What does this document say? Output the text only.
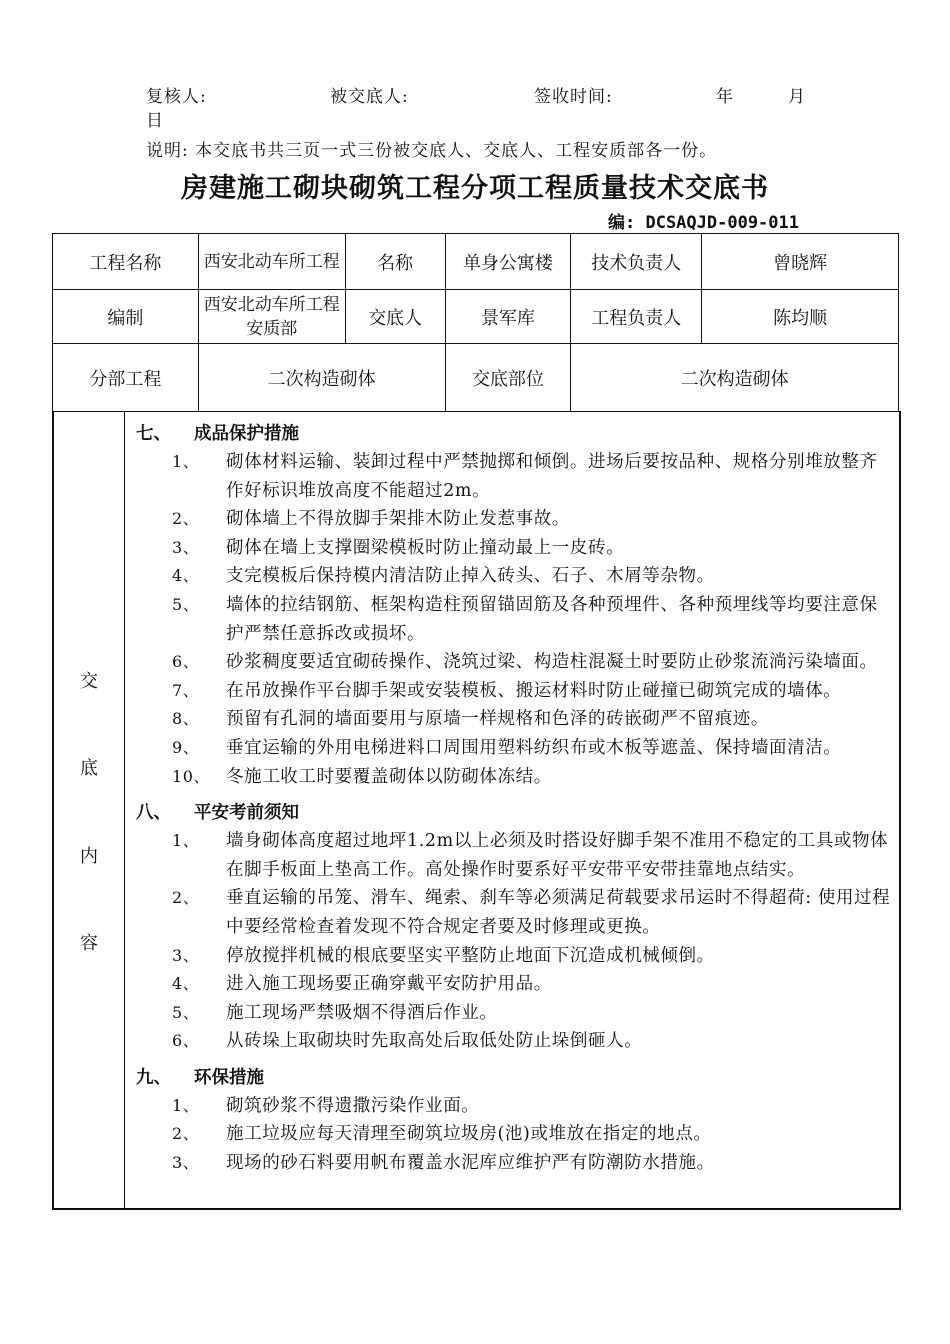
复核人:	被交底人:	签收时间:	年	月
日
说明: 本交底书共三页一式三份被交底人、交底人、工程安质部各一份。
房建施工砌块砌筑工程分项工程质量技术交底书
编: DCSAQJD-009-011
工程名称	西安北动车所工程	名称	单身公寓楼	技术负责人	曾晓辉
编制	西安北动车所工程安质部	交底人	景军库	工程负责人	陈均顺
分部工程	二次构造砌体		交底部位	二次构造砌体	
交
底
内
容
七、 成品保护措施
1、 砌体材料运输、装卸过程中严禁抛掷和倾倒。进场后要按品种、规格分别堆放整齐作好标识堆放高度不能超过2m。
2、 砌体墙上不得放脚手架排木防止发惹事故。
3、 砌体在墙上支撑圈梁模板时防止撞动最上一皮砖。
4、 支完模板后保持模内清洁防止掉入砖头、石子、木屑等杂物。
5、 墙体的拉结钢筋、框架构造柱预留锚固筋及各种预埋件、各种预埋线等均要注意保护严禁任意拆改或损坏。
6、 砂浆稠度要适宜砌砖操作、浇筑过梁、构造柱混凝土时要防止砂浆流淌污染墙面。
7、 在吊放操作平台脚手架或安装模板、搬运材料时防止碰撞已砌筑完成的墙体。
8、 预留有孔洞的墙面要用与原墙一样规格和色泽的砖嵌砌严不留痕迹。
9、 垂宜运输的外用电梯进料口周围用塑料纺织布或木板等遮盖、保持墙面清洁。
10、 冬施工收工时要覆盖砌体以防砌体冻结。
八、 平安考前须知
1、 墙身砌体高度超过地坪1.2m以上必须及时搭设好脚手架不准用不稳定的工具或物体在脚手板面上垫高工作。高处操作时要系好平安带平安带挂靠地点结实。
2、 垂直运输的吊笼、滑车、绳索、刹车等必须满足荷载要求吊运时不得超荷: 使用过程中要经常检查着发现不符合规定者要及时修理或更换。
3、 停放搅拌机械的根底要坚实平整防止地面下沉造成机械倾倒。
4、 进入施工现场要正确穿戴平安防护用品。
5、 施工现场严禁吸烟不得酒后作业。
6、 从砖垛上取砌块时先取高处后取低处防止垛倒砸人。
九、 环保措施
1、 砌筑砂浆不得遗撒污染作业面。
2、 施工垃圾应每天清理至砌筑垃圾房(池)或堆放在指定的地点。
3、 现场的砂石料要用帆布覆盖水泥库应维护严有防潮防水措施。
